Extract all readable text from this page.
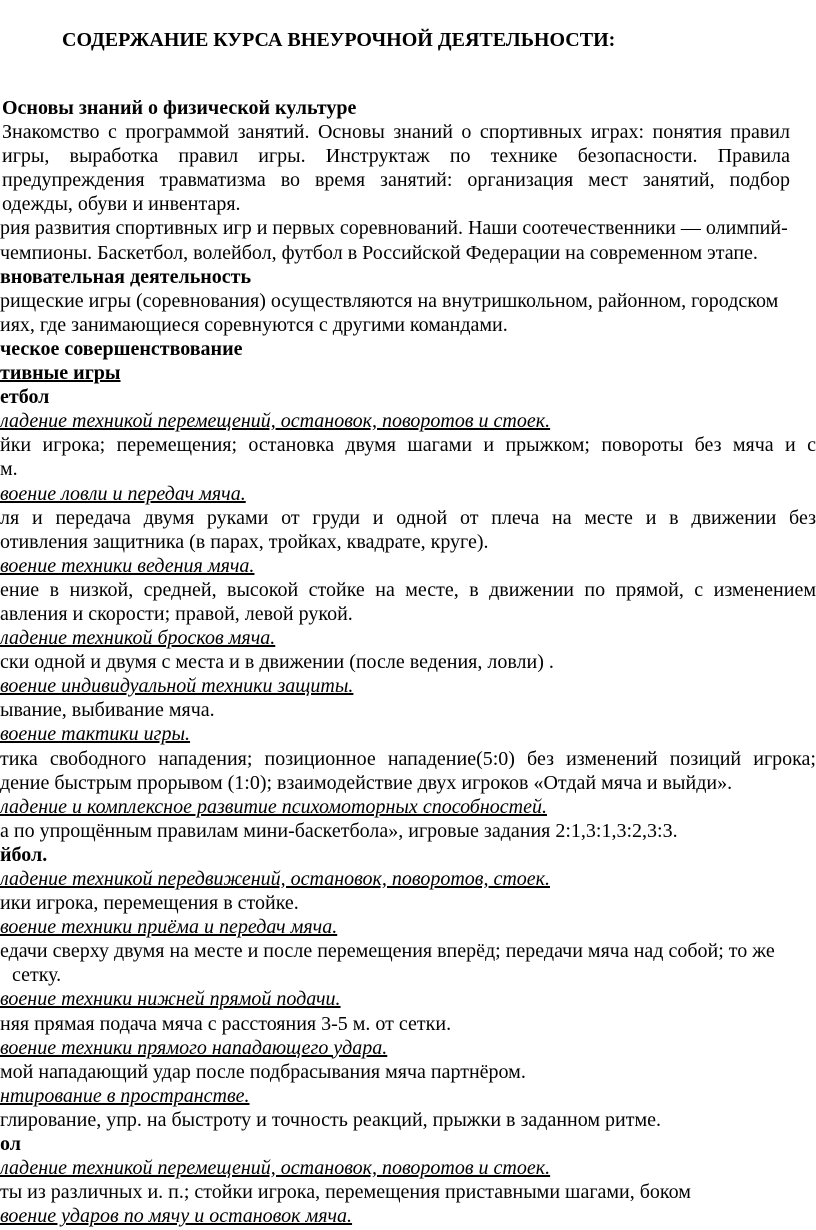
СОДЕРЖАНИЕ КУРСА ВНЕУРОЧНОЙ ДЕЯТЕЛЬНОСТИ:
Основы знаний о физической культуре
Знакомство с программой занятий. Основы знаний о спортивных играх: понятия правил
игры, выработка правил игры. Инструктаж по технике безопасности. Правила
предупреждения травматизма во время занятий: организация мест занятий, подбор
одежды, обуви и инвентаря.
рия развития спортивных игр и первых соревнований. Наши соотечественники — олимпий-
чемпионы. Баскетбол, волейбол, футбол в Российской Федерации на современном этапе.
вновательная деятельность
рищеские игры (соревнования) осуществляются на внутришкольном, районном, городском
иях, где занимающиеся соревнуются с другими командами.
ческое совершенствование
тивные игры
етбол
ладение техникой перемещений, остановок, поворотов и стоек.
йки игрока; перемещения; остановка двумя шагами и прыжком; повороты без мяча и с
м.
воение ловли и передач мяча.
ля и передача двумя руками от груди и одной от плеча на месте и в движении без
отивления защитника (в парах, тройках, квадрате, круге).
воение техники ведения мяча.
ение в низкой, средней, высокой стойке на месте, в движении по прямой, с изменением
авления и скорости; правой, левой рукой.
ладение техникой бросков мяча.
ски одной и двумя с места и в движении (после ведения, ловли) .
воение индивидуальной техники защиты.
ывание, выбивание мяча.
воение тактики игры.
тика свободного нападения; позиционное нападение(5:0) без изменений позиций игрока;
дение быстрым прорывом (1:0); взаимодействие двух игроков «Отдай мяча и выйди».
ладение и комплексное развитие психомоторных способностей.
а по упрощённым правилам мини-баскетбола», игровые задания 2:1,3:1,3:2,3:3.
йбол.
ладение техникой передвижений, остановок, поворотов, стоек.
ики игрока, перемещения в стойке.
воение техники приёма и передач мяча.
едачи сверху двумя на месте и после перемещения вперёд; передачи мяча над собой; то же
сетку.
воение техники нижней прямой подачи.
няя прямая подача мяча с расстояния 3-5 м. от сетки.
воение техники прямого нападающего удара.
мой нападающий удар после подбрасывания мяча партнёром.
нтирование в пространстве.
глирование, упр. на быстроту и точность реакций, прыжки в заданном ритме.
ол
ладение техникой перемещений, остановок, поворотов и стоек.
ты из различных и. п.; стойки игрока, перемещения приставными шагами, боком
воение ударов по мячу и остановок мяча.
